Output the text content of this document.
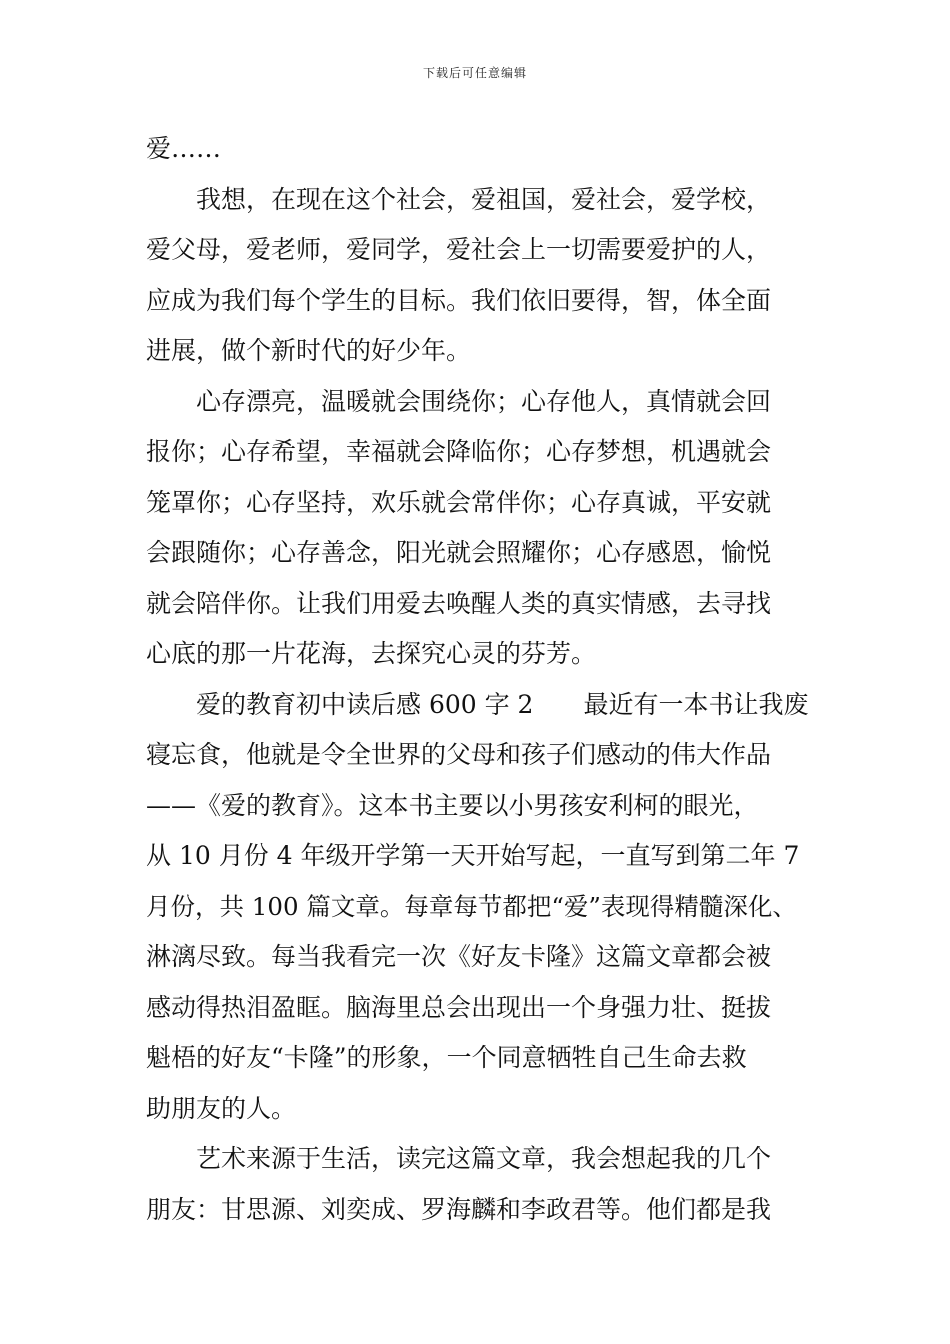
下载后可任意编辑
爱……
我想，在现在这个社会，爱祖国，爱社会，爱学校，
爱父母，爱老师，爱同学，爱社会上一切需要爱护的人，
应成为我们每个学生的目标。我们依旧要得，智，体全面
进展，做个新时代的好少年。
心存漂亮，温暖就会围绕你；心存他人，真情就会回
报你；心存希望，幸福就会降临你；心存梦想，机遇就会
笼罩你；心存坚持，欢乐就会常伴你；心存真诚，平安就
会跟随你；心存善念，阳光就会照耀你；心存感恩，愉悦
就会陪伴你。让我们用爱去唤醒人类的真实情感，去寻找
心底的那一片花海，去探究心灵的芬芳。
爱的教育初中读后感 600 字 2　　最近有一本书让我废
寝忘食，他就是令全世界的父母和孩子们感动的伟大作品
——《爱的教育》。这本书主要以小男孩安利柯的眼光，
从 10 月份 4 年级开学第一天开始写起，一直写到第二年 7
月份，共 100 篇文章。每章每节都把“爱”表现得精髓深化、
淋漓尽致。每当我看完一次《好友卡隆》这篇文章都会被
感动得热泪盈眶。脑海里总会出现出一个身强力壮、挺拔
魁梧的好友“卡隆”的形象，一个同意牺牲自己生命去救
助朋友的人。
艺术来源于生活，读完这篇文章，我会想起我的几个
朋友：甘思源、刘奕成、罗海麟和李政君等。他们都是我
